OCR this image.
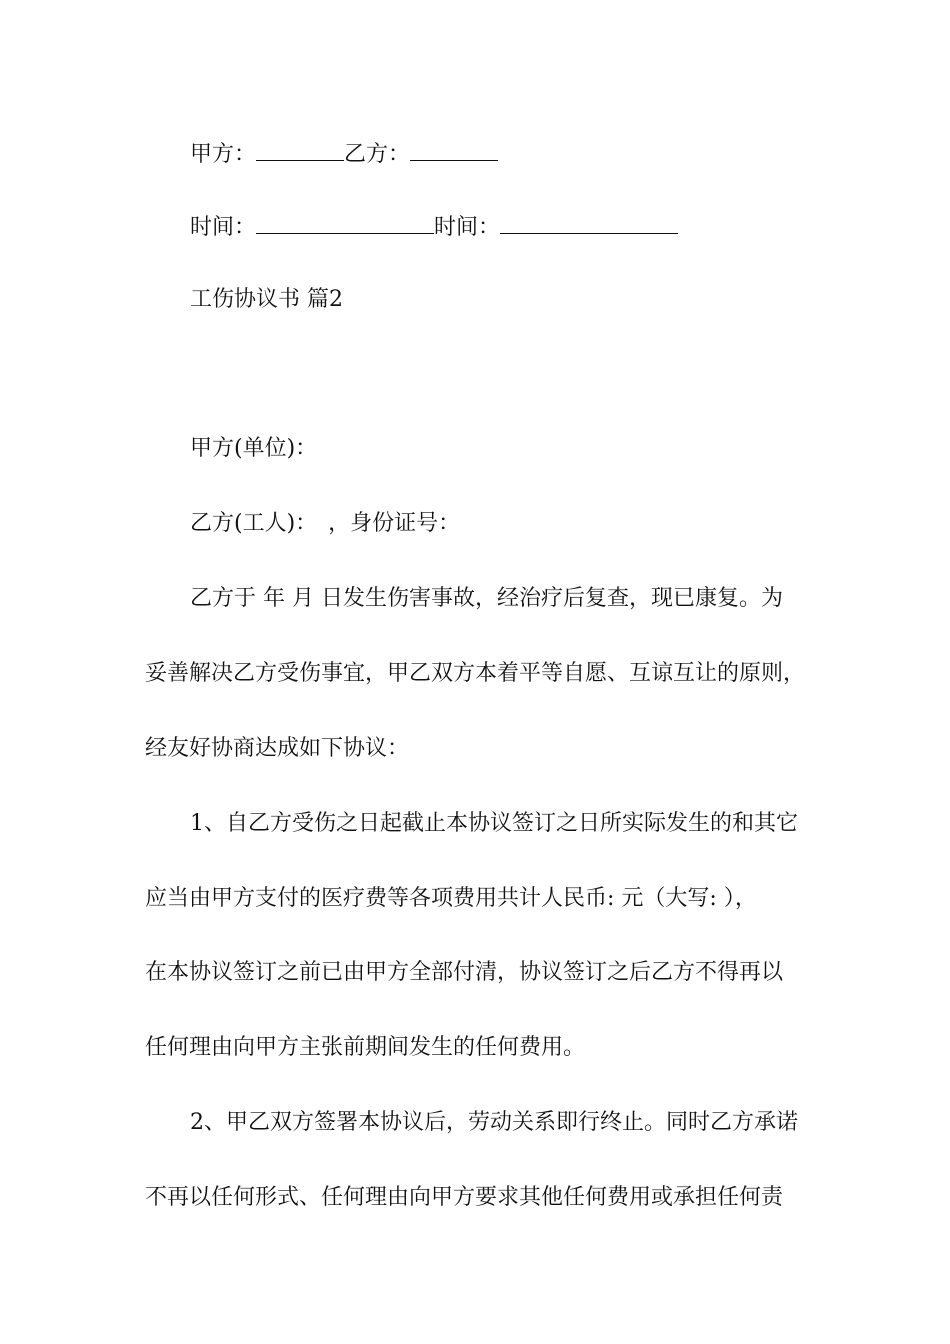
甲方：	乙方：
时间：	时间：
工伤协议书 篇2
甲方(单位)：
乙方(工人)：　，身份证号：
乙方于 年 月 日发生伤害事故，经治疗后复查，现已康复。为
妥善解决乙方受伤事宜，甲乙双方本着平等自愿、互谅互让的原则，
经友好协商达成如下协议：
1、自乙方受伤之日起截止本协议签订之日所实际发生的和其它
应当由甲方支付的医疗费等各项费用共计人民币: 元（大写: ），
在本协议签订之前已由甲方全部付清，协议签订之后乙方不得再以
任何理由向甲方主张前期间发生的任何费用。
2、甲乙双方签署本协议后，劳动关系即行终止。同时乙方承诺
不再以任何形式、任何理由向甲方要求其他任何费用或承担任何责
